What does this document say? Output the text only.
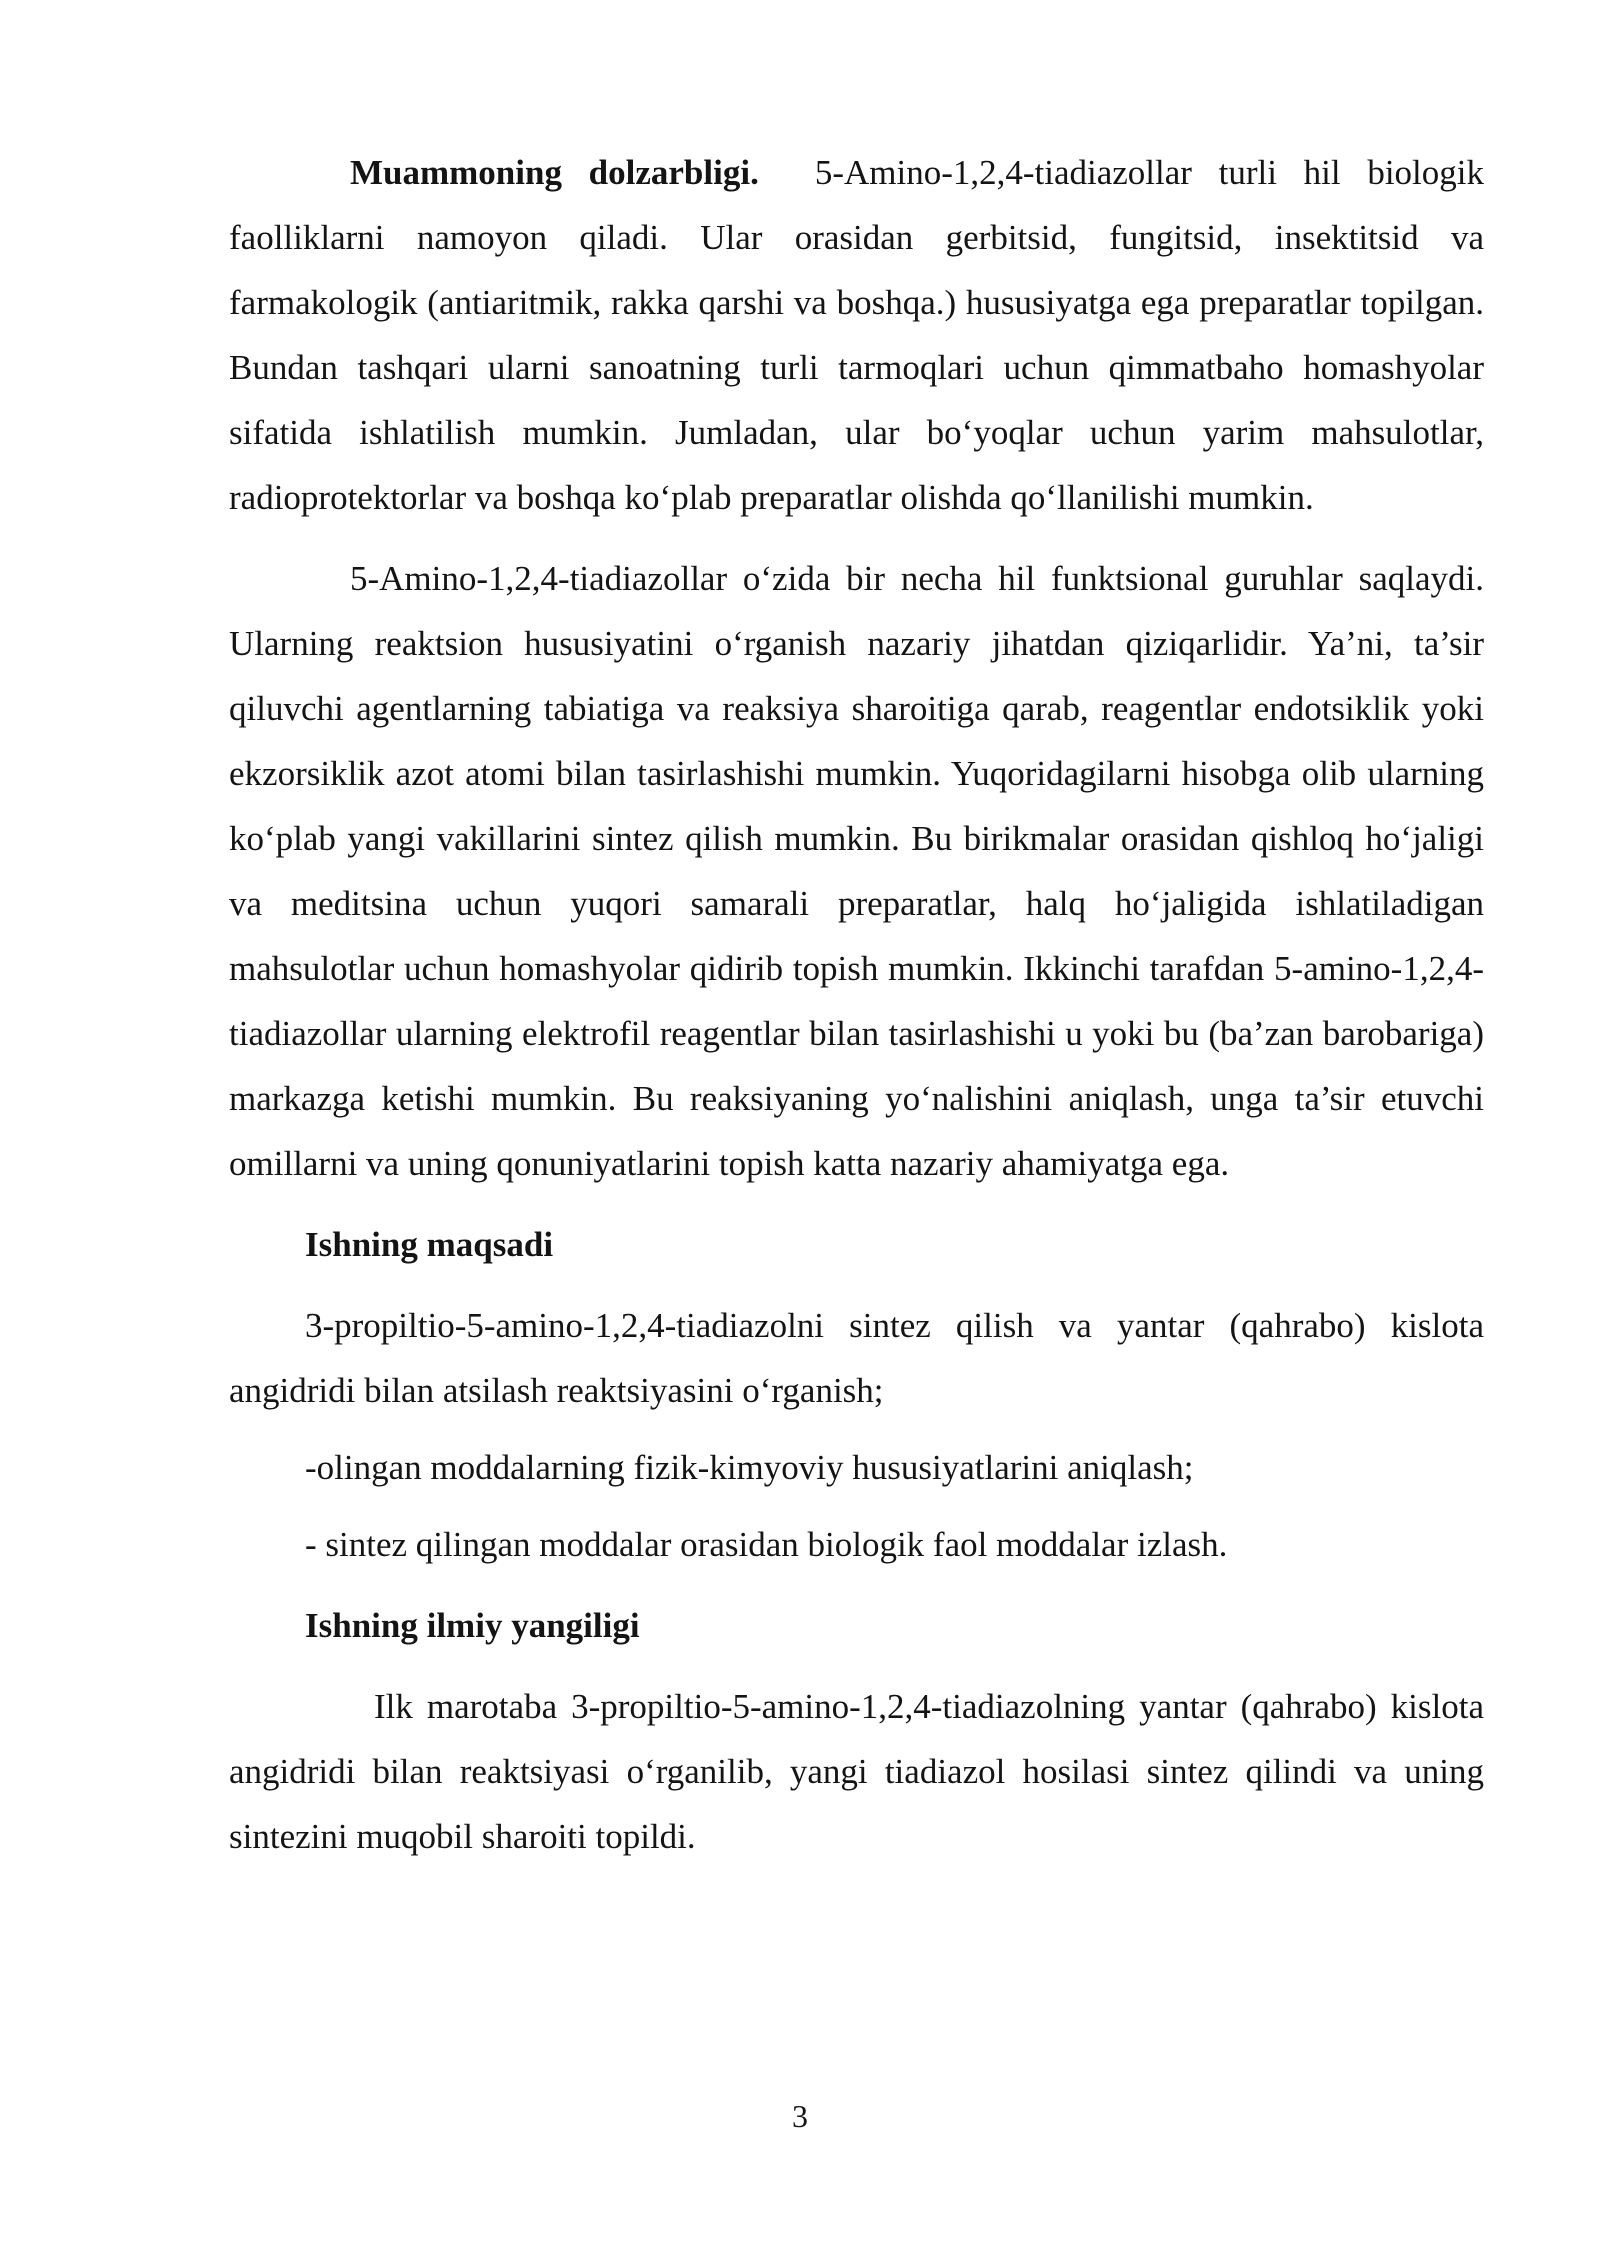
Muammoning dolzarbligi. 5-Amino-1,2,4-tiadiazollar turli hil biologik faolliklarni namoyon qiladi. Ular orasidan gerbitsid, fungitsid, insektitsid va farmakologik (antiaritmik, rakka qarshi va boshqa.) hususiyatga ega preparatlar topilgan. Bundan tashqari ularni sanoatning turli tarmoqlari uchun qimmatbaho homashyolar sifatida ishlatilish mumkin. Jumladan, ular bo‘yoqlar uchun yarim mahsulotlar, radioprotektorlar va boshqa ko‘plab preparatlar olishda qo‘llanilishi mumkin.

5-Amino-1,2,4-tiadiazollar o‘zida bir necha hil funktsional guruhlar saqlaydi. Ularning reaktsion hususiyatini o‘rganish nazariy jihatdan qiziqarlidir. Ya’ni, ta’sir qiluvchi agentlarning tabiatiga va reaksiya sharoitiga qarab, reagentlar endotsiklik yoki ekzorsiklik azot atomi bilan tasirlashishi mumkin. Yuqoridagilarni hisobga olib ularning ko‘plab yangi vakillarini sintez qilish mumkin. Bu birikmalar orasidan qishloq ho‘jaligi va meditsina uchun yuqori samarali preparatlar, halq ho‘jaligida ishlatiladigan mahsulotlar uchun homashyolar qidirib topish mumkin. Ikkinchi tarafdan 5-amino-1,2,4-tiadiazollar ularning elektrofil reagentlar bilan tasirlashishi u yoki bu (ba’zan barobariga) markazga ketishi mumkin. Bu reaksiyaning yo‘nalishini aniqlash, unga ta’sir etuvchi omillarni va uning qonuniyatlarini topish katta nazariy ahamiyatga ega.

Ishning maqsadi

3-propiltio-5-amino-1,2,4-tiadiazolni sintez qilish va yantar (qahrabo) kislota angidridi bilan atsilash reaktsiyasini o‘rganish;

-olingan moddalarning fizik-kimyoviy hususiyatlarini aniqlash;

- sintez qilingan moddalar orasidan biologik faol moddalar izlash.

Ishning ilmiy yangiligi

Ilk marotaba 3-propiltio-5-amino-1,2,4-tiadiazolning yantar (qahrabo) kislota angidridi bilan reaktsiyasi o‘rganilib, yangi tiadiazol hosilasi sintez qilindi va uning sintezini muqobil sharoiti topildi.

3
